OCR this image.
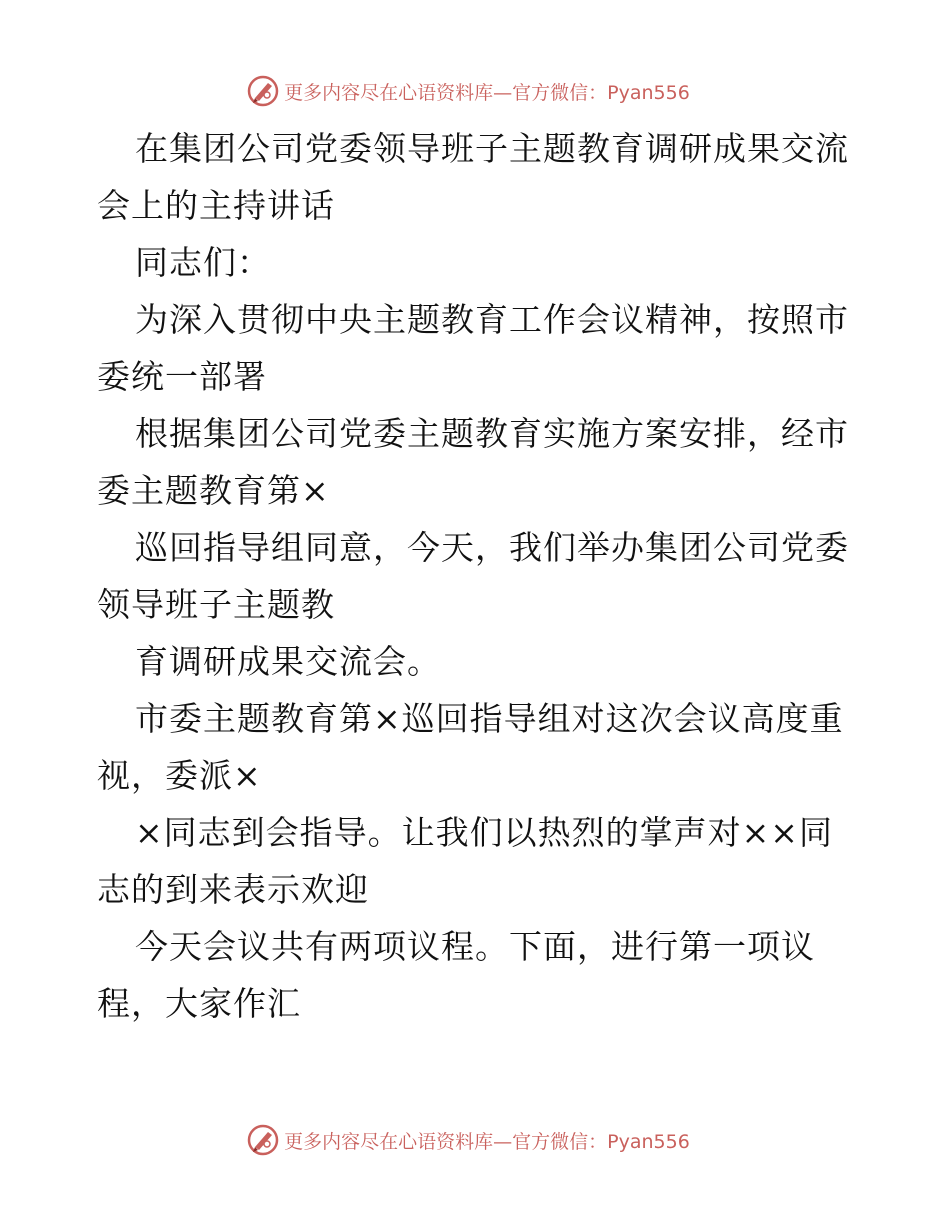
更多内容尽在心语资料库—官方微信：Pyan556
在集团公司党委领导班子主题教育调研成果交流
会上的主持讲话
同志们：
为深入贯彻中央主题教育工作会议精神，按照市
委统一部署
根据集团公司党委主题教育实施方案安排，经市
委主题教育第×
巡回指导组同意，今天，我们举办集团公司党委
领导班子主题教
育调研成果交流会。
市委主题教育第×巡回指导组对这次会议高度重
视，委派×
×同志到会指导。让我们以热烈的掌声对××同
志的到来表示欢迎
今天会议共有两项议程。下面，进行第一项议
程，大家作汇
更多内容尽在心语资料库—官方微信：Pyan556
